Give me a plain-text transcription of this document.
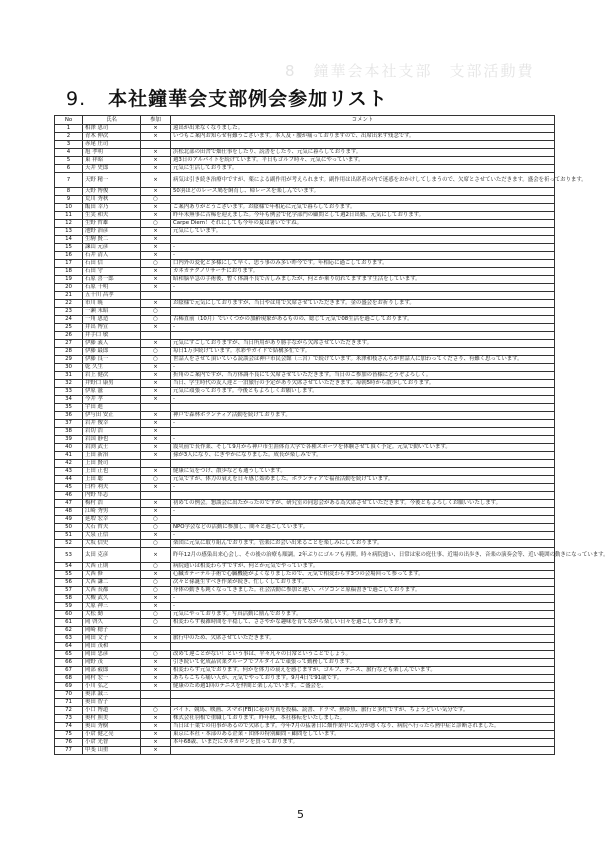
8　鐘華会本社支部　支部活動費
9. 本社鐘華会支部例会参加リスト
No	氏名	参加	コメント
1	相澤 恵司	×	遠出が出来なくなりました。
2	青木 伸次	×	いつもご案内お知らせ有難うございます。本人及・腰が痛っておりますので、出席出来ず残念です。
3	赤尾 庄司		
4	旭 孝明	×	浜松北部の田舎で畑仕事をしたり、読書をしたり、元気に暮らしております。
5	東 祥昭	×	週3日のアルバイトを続けています。平日もゴルフ時々、元気にやっています。
6	天井 史郎	×	元気に生活しております。
7	天野 精一	×	病気は引き続き治療中ですが、薬による副作用が考えられます。副作用は出席者の内で迷惑をおかけしてしまうので、欠席とさせていただきます。盛会を祈っております。
8	天野 博俊	×	50羽ほどのレース鳩を飼育し、帰レースを楽しんでいます。
9	荒川 秀秋	○	
10	飯田 幸乃	×	ご案内ありがとうございます。お陰様で年相応に元気で暮らしております。
11	生実 和夫	×	昨年末無事に古稀を迎えました。今年も例会で化学部門の顧問として週2日出勤、元気にしております。
12	生野 哲雄	○	Carpe Diem！それにしても今年の夏は暑いですね。
13	池野 治彦	×	元気にしています。
14	生駒 賢二	×	
15	諫山 元彦	×	-
16	石井 清人	×	-
17	石田 信	○	口内外の変化と多様にして早く、思う事のみ多い昨今です。年相応に過ごしております。
18	石田 守	×	カネカテクノリサーチにおります。
19	石原 喜一郎	×	昭和脳卒急の手術後、暫く体調不良で苦しみましたが、何とか乗り切れてますます生活をしています。
20	石原 千明	×	-
21	五十川 昌孝		
22	市川 暁	×	お陰様で元気にしておりますが、当日やは用で欠席させていただきます。金の盛会をお祈りします。
23	一瀬 末昭	○	
24	一角 恵造	○	古稀直前（10月）でいくつかの加齢現象があるものの、総じて元気で08生活を過ごしております。
25	井出 博宣	×	-
26	井手口 敏		
27	伊藤 義人	×	元気にすごしておりますが、当日所用があり勝手ながら欠席させていただきます。
28	伊藤 最郎	○	毎日1万歩続けています。水彩やガイドで結構多忙です。
29	伊藤 良一	○	世話人をさせて頂いている読談会は神戸市民会館（三宮）で続けています。米澤和枝さんらが世話人に加わってくださり、有難く思っています。
30	乾 久生	×	-
31	岩上 健次	×	折角のご案内ですが、当方体調不良にて欠席させていただきます。当日のご参加の皆様にどうぞよろしく。
32	井野口 康男	×	当日、学生時代の友人達と一泊旅行の予定があり欠席させていただきます。毎朝5時から散歩しております。
33	伊原 滋	×	元気に頑張っております。今後ともよろしくお願いします。
34	今井 孝	×	-
35	宇田 進		
36	伊与田 安正	×	神戸で森林ボランティア活動を続けております。
37	岩井 俊幸	×	-
38	岩切 浩	×	
39	岩国 静也	×	-
40	岩渕 武士	×	震災前で長作業、そして9月から神戸市生涯体育大学で各種スポーツを体験させて頂く予定。元気で動いています。
41	上田 新治	×	孫が3人になり、にぎやかになりました。成長が楽しみです。
42	上田 賢司		
43	上田 正也	×	健康に気をつけ、散歩なども通うしています。
44	上田 聡	○	元気ですが、体力の衰えを日々感じ始めました。ボランティアで福祉活動を続けています。
45	臼杵 利夫	×	-
46	内野 隼志		
47	梅村 浩	×	初めての例会。懇談会に出たかったのですが、研究室の同窓会がある為欠席させていただきます。今後ともよろしくお願いいたします。
48	江崎 秀男	×	-
49	延増 宏幸	○	
50	大石 哲夫	○	NPO学会などの活動に参加し、間々と過ごしています。
51	大泉 正信	×	-
52	大坂 信史	○	楽団に元気に取り組んでおります。管楽にお会い出来ることを楽しみにしております。
53	太田 克彦	×	昨年12月の感染出来心会し、その後の治療も順調。2年ぶりにゴルフも再開。時々病院通い、日常は家の庭仕事、近場の出歩き、音楽の演奏会等、近い範囲の動きになっています。
54	大西 正則	○	病院通いは相変わらずですが、何とか元気でやっています。
55	大西 修	×	心臓カテーテル手術で心臓機能がよくなりましたので、元気で相変わらず3つの会場回って参ってます。
56	大西 謙二	○	次々と孫誕生すべき作業が続き、忙しくしております。
57	大西 長都	○	身体の動きも鈍くなってきました。社会活動に参加と違い、パソコンと原稿書きで過ごしております。
58	大槻 武久	×	-
59	大原 神三	×	-
60	大松 勤	○	元気にやっております。写真活動に励んでおります。
61	岡 啓久	○	相変わらず複雑時間を平穏して、ささやかな趣味を育てながら楽しい日々を過ごしております。
62	岡崎 穂子		
63	岡田 文子	×	旅行中のため、欠席させていただきます。
64	岡田 茂和		
65	岡田 忠彦	○	改めて違ことがない！という事は、平々凡々の日常ということでしょう。
66	岡野 茂	×	引き続いて化成品営業グループでフルタイムで頑張って勤務しております。
67	岡部 毅郎	×	相変わらず元気でおります。何かを体力の衰えを感じますが、ゴルフ、テニス、旅行なども楽しんでいます。
68	岡村 宏一	×	あちらこちら痛い人が、元気でやっております。9月4日で91歳です。
69	小川 弘之	×	健康のため週1回のテニスを仲間と楽しんでいます。ご盛会を。
70	奥津 誠三		
71	奥田 智子		
72	小口 博道	○	バイト、競馬、映画、スマホ(FB)に花の写真を投稿、読書、ドラマ、熱帯魚、旅行と多忙ですが、ちょうどいい気分です。
73	奥村 照美	×	株式会社羽根で重職しております。昨年秋、本社移転をいたしました。
74	奥山 秀樹	×	当日は千葉での用事があるので欠席します。今年7月の猛暑日に畑作業中に気分が悪くなり、病院へ行ったら熱中症と診断されました。
75	小倉 健之亮	×	東京に本社・本部のある企業・団体の特別顧問・顧問をしています。
76	小倉 光智	×	本年68歳、いまだにカネカロンを買っております。
77	甲斐 山重	×	
5
